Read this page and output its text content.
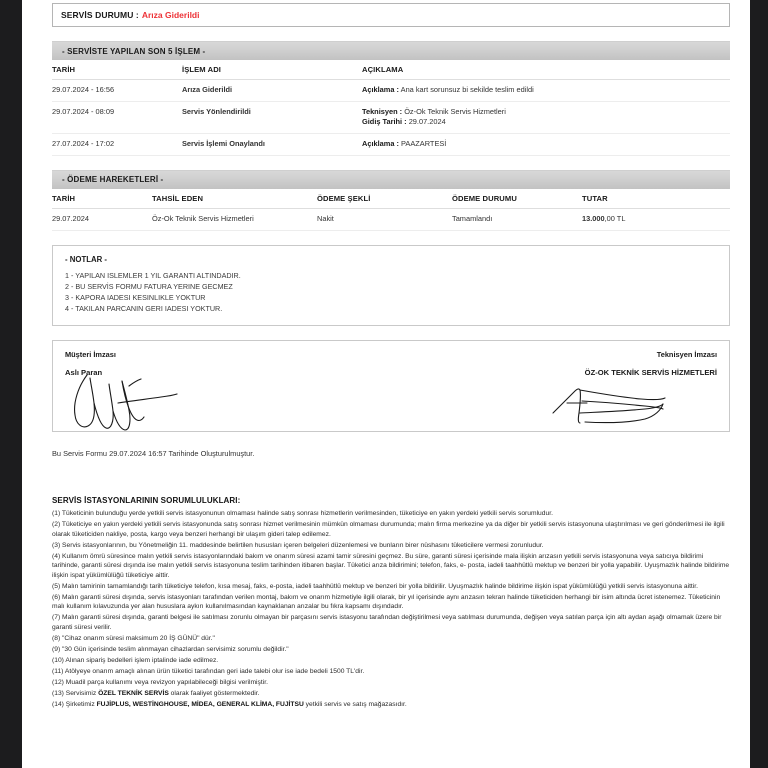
SERVİS DURUMU : Arıza Giderildi
- SERVİSTE YAPILAN SON 5 İŞLEM -
TARİH	İŞLEM ADI	AÇIKLAMA
29.07.2024 - 16:56	Arıza Giderildi	Açıklama : Ana kart sorunsuz bi sekilde teslim edildi

29.07.2024 - 08:09	Servis Yönlendirildi	Teknisyen : Öz-Ok Teknik Servis Hizmetleri
Gidiş Tarihi : 29.07.2024

27.07.2024 - 17:02	Servis İşlemi Onaylandı	Açıklama : PAAZARTESİ
- ÖDEME HAREKETLERİ -
TARİH	TAHSİL EDEN	ÖDEME ŞEKLİ	ÖDEME DURUMU	TUTAR
29.07.2024	Öz-Ok Teknik Servis Hizmetleri	Nakit	Tamamlandı	13.000,00 TL
- NOTLAR -
1 - YAPILAN ISLEMLER 1 YIL GARANTI ALTINDADIR.
2 - BU SERVİS FORMU FATURA YERINE GECMEZ
3 - KAPORA IADESI KESINLIKLE YOKTUR
4 - TAKILAN PARCANIN GERI IADESI YOKTUR.
Müşteri İmzası
Aslı Paran
Teknisyen İmzası
ÖZ-OK TEKNİK SERVİS HİZMETLERİ
Bu Servis Formu 29.07.2024 16:57 Tarihinde Oluşturulmuştur.
SERVİS İSTASYONLARININ SORUMLULUKLARI:
(1) Tüketicinin bulunduğu yerde yetkili servis istasyonunun olmaması halinde satış sonrası hizmetlerin verilmesinden, tüketiciye en yakın yerdeki yetkili servis sorumludur.
(2) Tüketiciye en yakın yerdeki yetkili servis istasyonunda satış sonrası hizmet verilmesinin mümkün olmaması durumunda; malın firma merkezine ya da diğer bir yetkili servis istasyonuna ulaştırılması ve geri gönderilmesi ile ilgili olarak tüketiciden nakliye, posta, kargo veya benzeri herhangi bir ulaşım gideri talep edilemez.
(3) Servis istasyonlarının, bu Yönetmeliğin 11. maddesinde belirtilen hususları içeren belgeleri düzenlemesi ve bunların birer nüshasını tüketicilere vermesi zorunludur.
(4) Kullanım ömrü süresince malın yetkili servis istasyonlarındaki bakım ve onarım süresi azami tamir süresini geçmez. Bu süre, garanti süresi içerisinde mala ilişkin arızasın yetkili servis istasyonuna veya satıcıya bildirimi tarihinde, garanti süresi dışında ise malın yetkili servis istasyonuna teslim tarihinden itibaren başlar. Tüketici arıza bildirimini; telefon, faks, e- posta, iadeli taahhütlü mektup ve benzeri bir yolla yapabilir. Uyuşmazlık halinde bildirime ilişkin ispat yükümlülüğü tüketiciye aittir.
(5) Malın tamirinin tamamlandığı tarih tüketiciye telefon, kısa mesaj, faks, e-posta, iadeli taahhütlü mektup ve benzeri bir yolla bildirilir. Uyuşmazlık halinde bildirime ilişkin ispat yükümlülüğü yetkili servis istasyonuna aittir.
(6) Malın garanti süresi dışında, servis istasyonları tarafından verilen montaj, bakım ve onarım hizmetiyle ilgili olarak, bir yıl içerisinde aynı arızasın tekrarı halinde tüketiciden herhangi bir isim altında ücret istenemez. Tüketicinin malı kullanım kılavuzunda yer alan hususlara aykırı kullanılmasından kaynaklanan arızalar bu fıkra kapsamı dışındadır.
(7) Malın garanti süresi dışında, garanti belgesi ile satılması zorunlu olmayan bir parçasını servis istasyonu tarafından değiştirilmesi veya satılması durumunda, değişen veya satılan parça için altı aydan aşağı olmamak üzere bir garanti süresi verilir.
(8) "Cihaz onarım süresi maksimum 20 İŞ GÜNÜ" dür."
(9) "30 Gün içerisinde teslim alınmayan cihazlardan servisimiz sorumlu değildir."
(10) Alınan sipariş bedelleri işlem iptalinde iade edilmez.
(11) Atölyeye onarım amaçlı alınan ürün tüketici tarafından geri iade talebi olur ise iade bedeli 1500 TL'dir.
(12) Muadil parça kullanımı veya revizyon yapılabileceği bilgisi verilmiştir.
(13) Servisimiz ÖZEL TEKNİK SERVİS olarak faaliyet göstermektedir.
(14) Şirketimiz FUJİPLUS, WESTİNGHOUSE, MİDEA, GENERAL KLİMA, FUJİTSU yetkili servis ve satış mağazasıdır.
